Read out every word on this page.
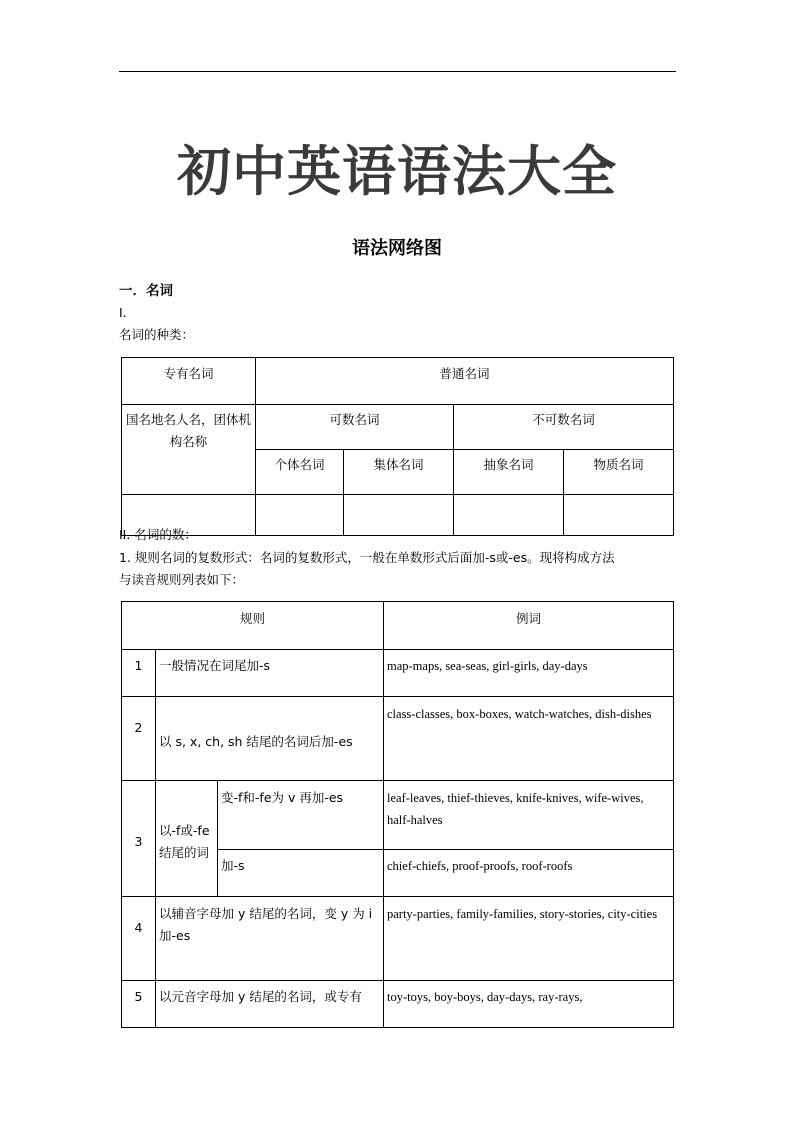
初中英语语法大全
语法网络图
一．名词
I.
名词的种类：
专有名词	普通名词			
国名地名人名，团体机构名称	可数名词		不可数名词	
	个体名词	集体名词	抽象名词	物质名词

II. 名词的数：
1. 规则名词的复数形式：名词的复数形式，一般在单数形式后面加-s或-es。现将构成方法
与读音规则列表如下：
规则			例词
1	一般情况在词尾加-s		map-maps, sea-seas, girl-girls, day-days
2	以 s, x, ch, sh 结尾的名词后加-es		class-classes, box-boxes, watch-watches, dish-dishes
3	以-f或-fe结尾的词	变-f和-fe为 v 再加-es	leaf-leaves, thief-thieves, knife-knives, wife-wives, half-halves
		加-s	chief-chiefs, proof-proofs, roof-roofs
4	以辅音字母加 y 结尾的名词，变 y 为 i 加-es		party-parties, family-families, story-stories, city-cities
5	以元音字母加 y 结尾的名词，或专有		toy-toys, boy-boys, day-days, ray-rays,
